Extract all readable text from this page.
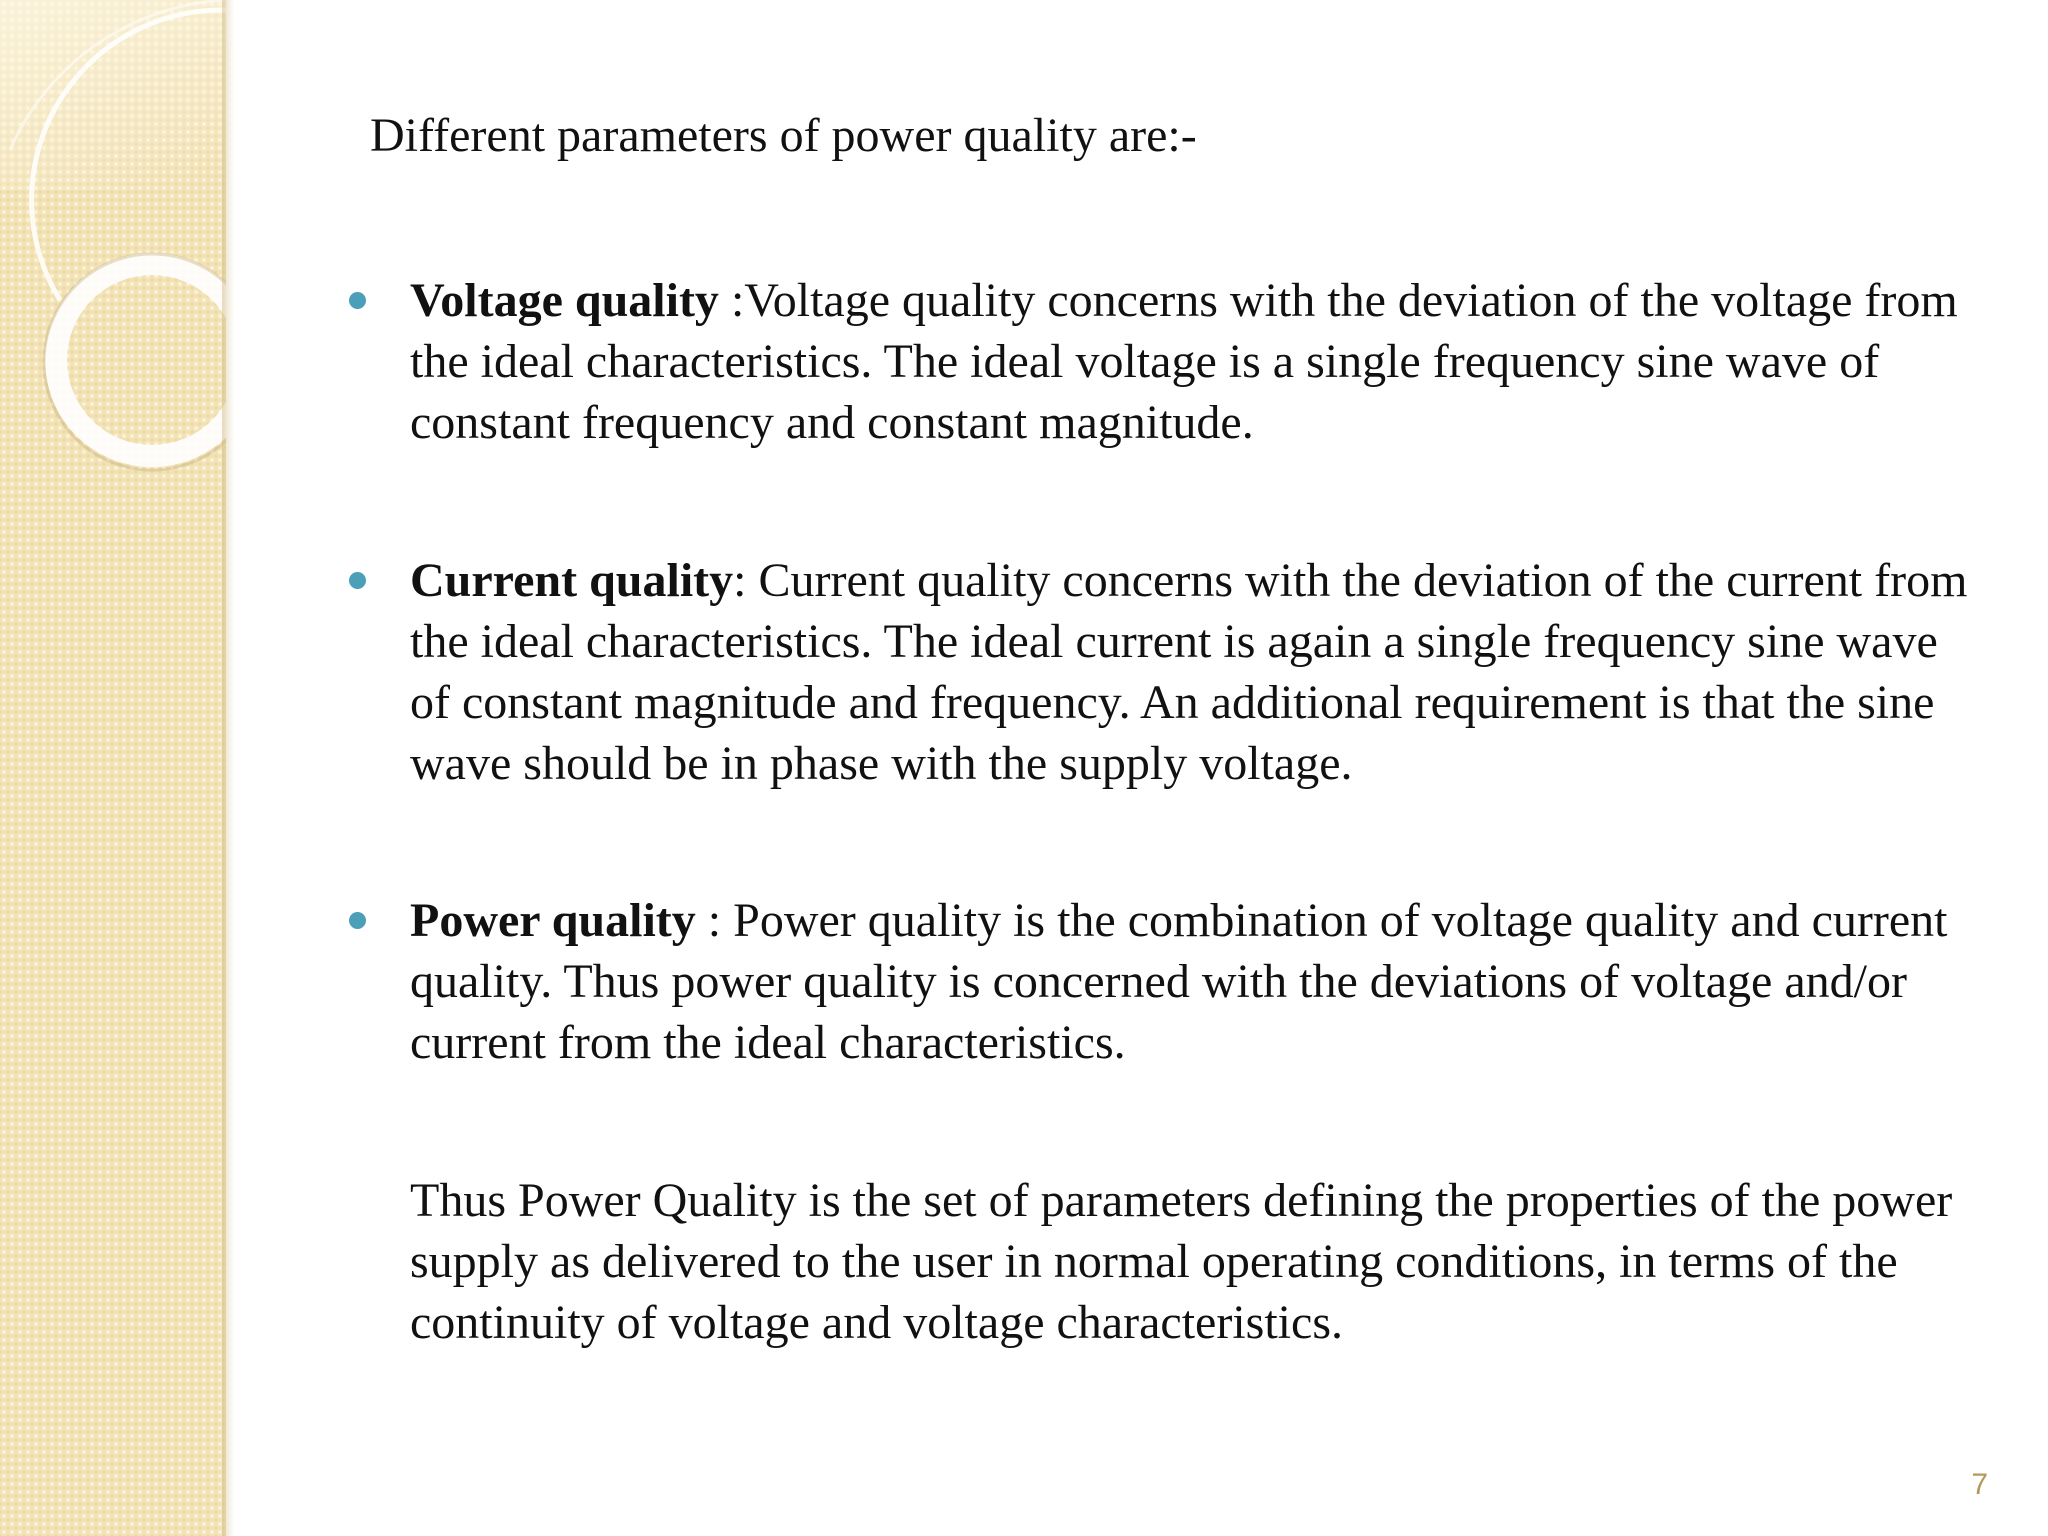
Different parameters of power quality are:-

Voltage quality :Voltage quality concerns with the deviation of the voltage from the ideal characteristics. The ideal voltage is a single frequency sine wave of constant frequency and constant magnitude.
Current quality: Current quality concerns with the deviation of the current from the ideal characteristics. The ideal current is again a single frequency sine wave of constant magnitude and frequency. An additional requirement is that the sine wave should be in phase with the supply voltage.
Power quality : Power quality is the combination of voltage quality and current quality. Thus power quality is concerned with the deviations of voltage and/or current from the ideal characteristics.

Thus Power Quality is the set of parameters defining the properties of the power supply as delivered to the user in normal operating conditions, in terms of the continuity of voltage and voltage characteristics.

7
